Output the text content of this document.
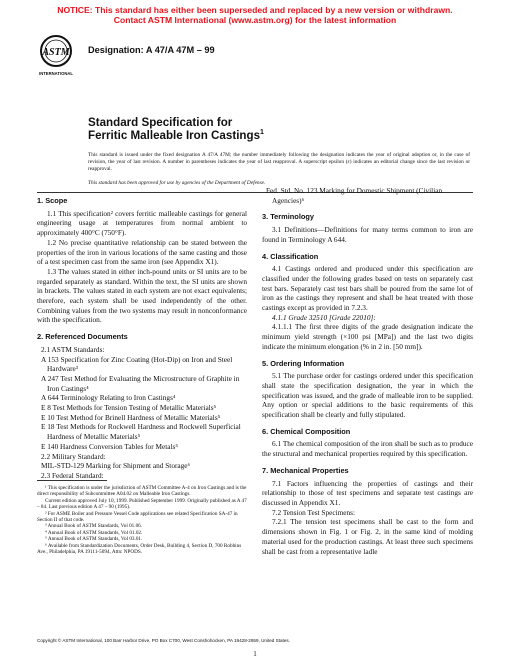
NOTICE: This standard has either been superseded and replaced by a new version or withdrawn.
Contact ASTM International (www.astm.org) for the latest information
ASTM
INTERNATIONAL
Designation: A 47/A 47M – 99
Standard Specification for
Ferritic Malleable Iron Castings$^1$
This standard is issued under the fixed designation A 47/A 47M; the number immediately following the designation indicates the year of original adoption or, in the case of revision, the year of last revision. A number in parentheses indicates the year of last reapproval. A superscript epsilon (ε) indicates an editorial change since the last revision or reapproval.
This standard has been approved for use by agencies of the Department of Defense.

1. Scope

1.1 This specification² covers ferritic malleable castings for general engineering usage at temperatures from normal ambient to approximately 400°C (750°F).

1.2 No precise quantitative relationship can be stated between the properties of the iron in various locations of the same casting and those of a test specimen cast from the same iron (see Appendix X1).

1.3 The values stated in either inch-pound units or SI units are to be regarded separately as standard. Within the text, the SI units are shown in brackets. The values stated in each system are not exact equivalents; therefore, each system shall be used independently of the other. Combining values from the two systems may result in nonconformance with the specification.

2. Referenced Documents

2.1 ASTM Standards:

A 153 Specification for Zinc Coating (Hot-Dip) on Iron and Steel Hardware³

A 247 Test Method for Evaluating the Microstructure of Graphite in Iron Castings⁴

A 644 Terminology Relating to Iron Castings⁴

E 8 Test Methods for Tension Testing of Metallic Materials⁵

E 10 Test Method for Brinell Hardness of Metallic Materials⁵

E 18 Test Methods for Rockwell Hardness and Rockwell Superficial Hardness of Metallic Materials⁵

E 140 Hardness Conversion Tables for Metals⁵

2.2 Military Standard:

MIL-STD-129 Marking for Shipment and Storage⁶

2.3 Federal Standard:

¹ This specification is under the jurisdiction of ASTM Committee A-4 on Iron Castings and is the direct responsibility of Subcommittee A04.02 on Malleable Iron Castings.

Current edition approved July 10, 1999. Published September 1999. Originally published as A 47 – 84. Last previous edition A 47 – 90 (1995).

² For ASME Boiler and Pressure Vessel Code applications see related Specification SA-47 in Section II of that code.

³ Annual Book of ASTM Standards, Vol 01.06.

⁴ Annual Book of ASTM Standards, Vol 01.02.

⁵ Annual Book of ASTM Standards, Vol 03.01.

⁶ Available from Standardization Documents, Order Desk, Building 4, Section D, 700 Robbins Ave., Philadelphia, PA 19111-5094, Attn: NPODS.

Fed. Std. No. 123 Marking for Domestic Shipment (Civilian Agencies)⁶

3. Terminology

3.1 Definitions—Definitions for many terms common to iron are found in Terminology A 644.

4. Classification

4.1 Castings ordered and produced under this specification are classified under the following grades based on tests on separately cast test bars. Separately cast test bars shall be poured from the same lot of iron as the castings they represent and shall be heat treated with those castings except as provided in 7.2.3.

4.1.1 Grade 32510 [Grade 22010]:

4.1.1.1 The first three digits of the grade designation indicate the minimum yield strength (×100 psi [MPa]) and the last two digits indicate the minimum elongation (% in 2 in. [50 mm]).

5. Ordering Information

5.1 The purchase order for castings ordered under this specification shall state the specification designation, the year in which the specification was issued, and the grade of malleable iron to be supplied. Any option or special additions to the basic requirements of this specification shall be clearly and fully stipulated.

6. Chemical Composition

6.1 The chemical composition of the iron shall be such as to produce the structural and mechanical properties required by this specification.

7. Mechanical Properties

7.1 Factors influencing the properties of castings and their relationship to those of test specimens and separate test castings are discussed in Appendix X1.

7.2 Tension Test Specimens:

7.2.1 The tension test specimens shall be cast to the form and dimensions shown in Fig. 1 or Fig. 2, in the same kind of molding material used for the production castings. At least three such specimens shall be cast from a representative ladle

Copyright © ASTM International, 100 Barr Harbor Drive, PO Box C700, West Conshohocken, PA 19428-2959, United States.
1
